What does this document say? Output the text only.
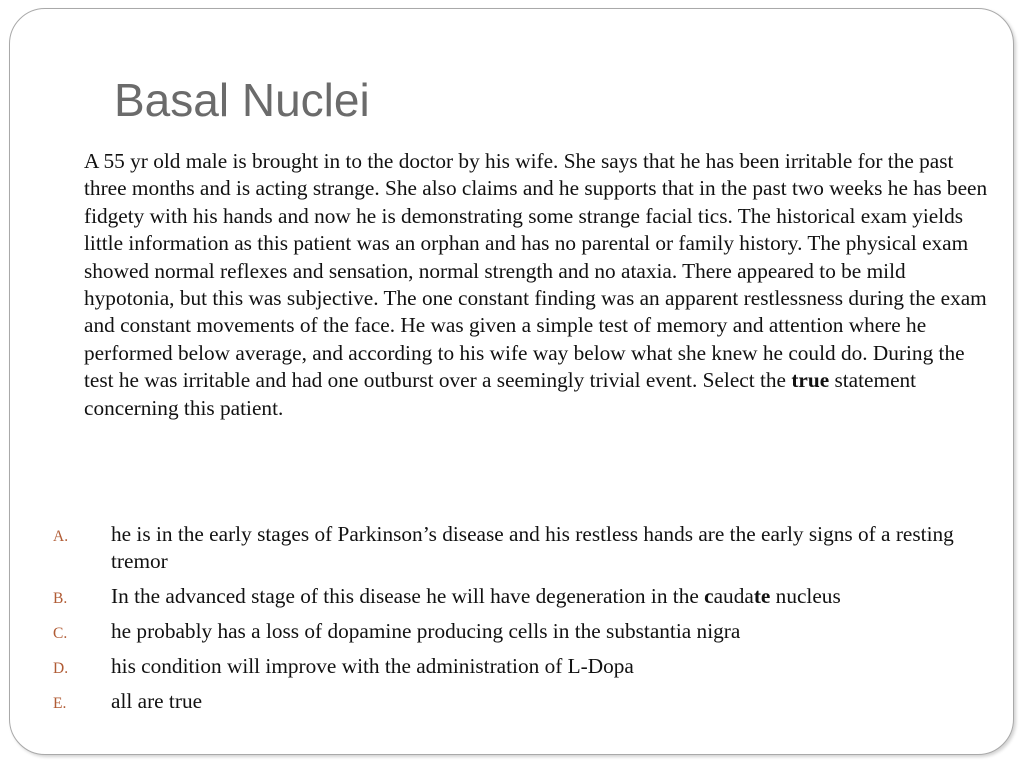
Basal Nuclei

A 55 yr old male is brought in to the doctor by his wife. She says that he has been irritable for the past three months and is acting strange. She also claims and he supports that in the past two weeks he has been fidgety with his hands and now he is demonstrating some strange facial tics. The historical exam yields little information as this patient was an orphan and has no parental or family history. The physical exam showed normal reflexes and sensation, normal strength and no ataxia. There appeared to be mild hypotonia, but this was subjective. The one constant finding was an apparent restlessness during the exam and constant movements of the face. He was given a simple test of memory and attention where he performed below average, and according to his wife way below what she knew he could do. During the test he was irritable and had one outburst over a seemingly trivial event. Select the true statement concerning this patient.

A. he is in the early stages of Parkinson’s disease and his restless hands are the early signs of a resting tremor
B. In the advanced stage of this disease he will have degeneration in the caudate nucleus
C. he probably has a loss of dopamine producing cells in the substantia nigra
D. his condition will improve with the administration of L-Dopa
E. all are true
